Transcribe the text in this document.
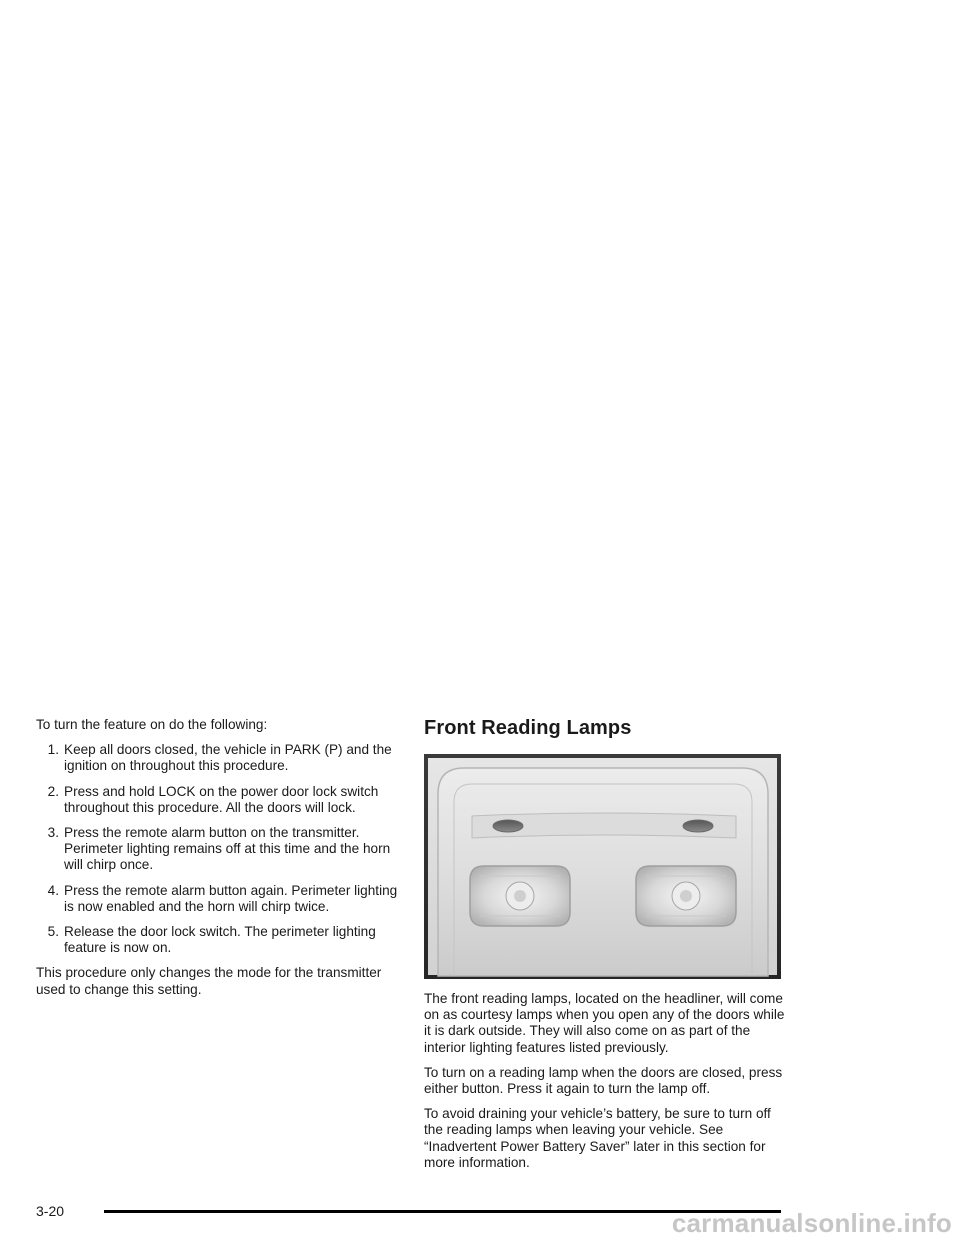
To turn the feature on do the following:

1. Keep all doors closed, the vehicle in PARK (P) and the ignition on throughout this procedure.
2. Press and hold LOCK on the power door lock switch throughout this procedure. All the doors will lock.
3. Press the remote alarm button on the transmitter. Perimeter lighting remains off at this time and the horn will chirp once.
4. Press the remote alarm button again. Perimeter lighting is now enabled and the horn will chirp twice.
5. Release the door lock switch. The perimeter lighting feature is now on.

This procedure only changes the mode for the transmitter used to change this setting.

Front Reading Lamps

The front reading lamps, located on the headliner, will come on as courtesy lamps when you open any of the doors while it is dark outside. They will also come on as part of the interior lighting features listed previously.

To turn on a reading lamp when the doors are closed, press either button. Press it again to turn the lamp off.

To avoid draining your vehicle’s battery, be sure to turn off the reading lamps when leaving your vehicle. See “Inadvertent Power Battery Saver” later in this section for more information.

3-20	carmanualsonline.info
